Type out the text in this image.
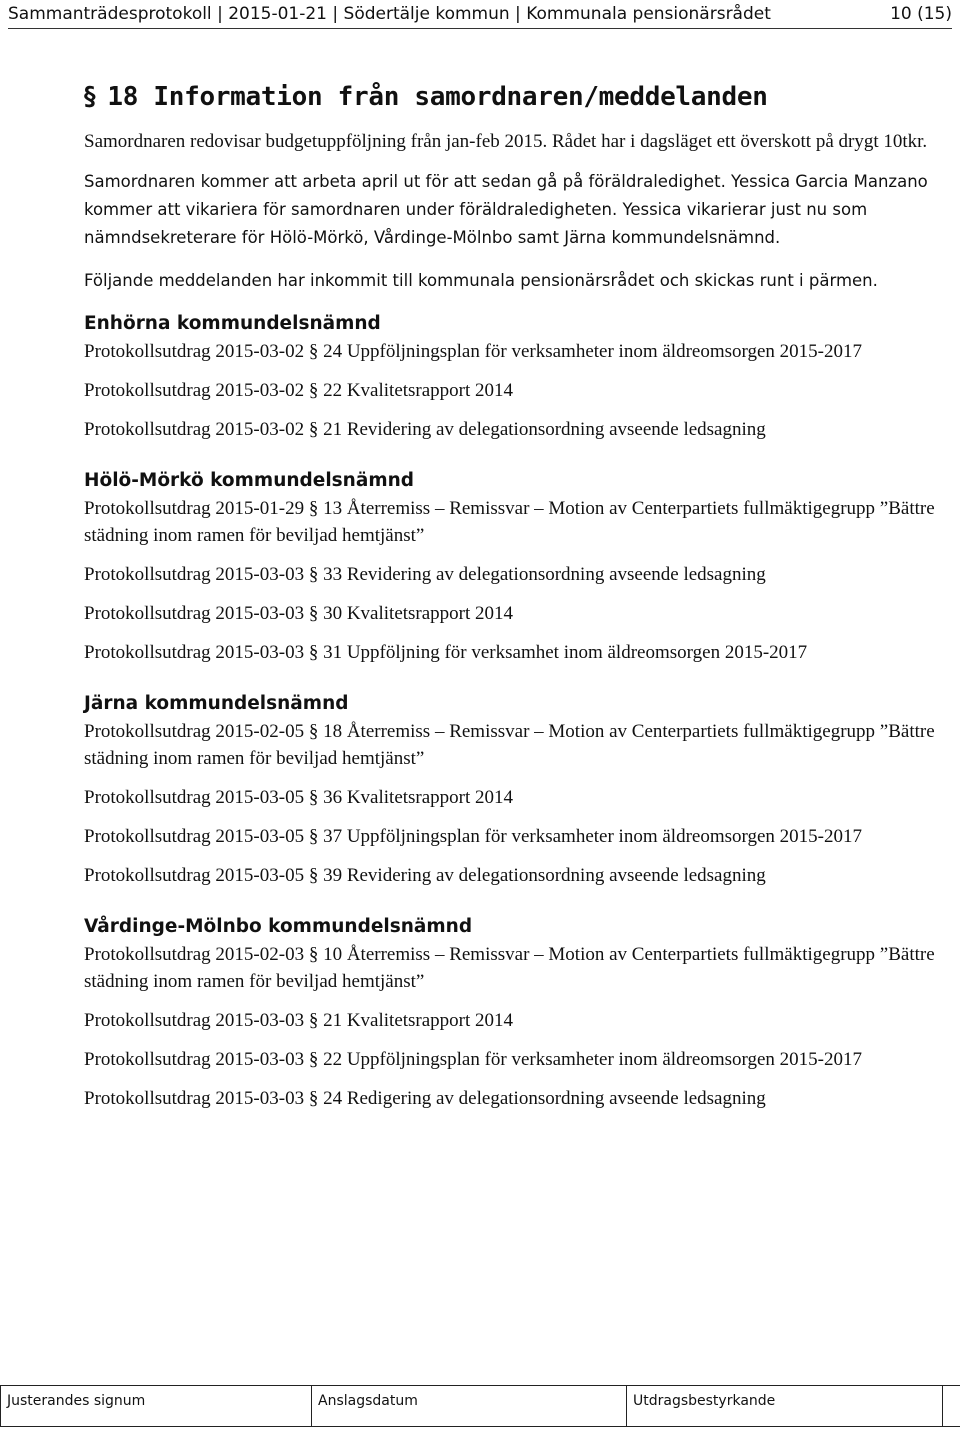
Sammanträdesprotokoll | 2015-01-21 | Södertälje kommun | Kommunala pensionärsrådet	10 (15)
§ 18 Information från samordnaren/meddelanden

Samordnaren redovisar budgetuppföljning från jan-feb 2015. Rådet har i dagsläget ett överskott på drygt 10tkr.

Samordnaren kommer att arbeta april ut för att sedan gå på föräldraledighet. Yessica Garcia Manzano kommer att vikariera för samordnaren under föräldraledigheten. Yessica vikarierar just nu som nämndsekreterare för Hölö-Mörkö, Vårdinge-Mölnbo samt Järna kommundelsnämnd.

Följande meddelanden har inkommit till kommunala pensionärsrådet och skickas runt i pärmen.

Enhörna kommundelsnämnd

Protokollsutdrag 2015-03-02 § 24 Uppföljningsplan för verksamheter inom äldreomsorgen 2015-2017

Protokollsutdrag 2015-03-02 § 22 Kvalitetsrapport 2014

Protokollsutdrag 2015-03-02 § 21 Revidering av delegationsordning avseende ledsagning

Hölö-Mörkö kommundelsnämnd

Protokollsutdrag 2015-01-29 § 13 Återremiss – Remissvar – Motion av Centerpartiets fullmäktigegrupp ”Bättre städning inom ramen för beviljad hemtjänst”

Protokollsutdrag 2015-03-03 § 33 Revidering av delegationsordning avseende ledsagning

Protokollsutdrag 2015-03-03 § 30 Kvalitetsrapport 2014

Protokollsutdrag 2015-03-03 § 31 Uppföljning för verksamhet inom äldreomsorgen 2015-2017

Järna kommundelsnämnd

Protokollsutdrag 2015-02-05 § 18 Återremiss – Remissvar – Motion av Centerpartiets fullmäktigegrupp ”Bättre städning inom ramen för beviljad hemtjänst”

Protokollsutdrag 2015-03-05 § 36 Kvalitetsrapport 2014

Protokollsutdrag 2015-03-05 § 37 Uppföljningsplan för verksamheter inom äldreomsorgen 2015-2017

Protokollsutdrag 2015-03-05 § 39 Revidering av delegationsordning avseende ledsagning

Vårdinge-Mölnbo kommundelsnämnd

Protokollsutdrag 2015-02-03 § 10 Återremiss – Remissvar – Motion av Centerpartiets fullmäktigegrupp ”Bättre städning inom ramen för beviljad hemtjänst”

Protokollsutdrag 2015-03-03 § 21 Kvalitetsrapport 2014

Protokollsutdrag 2015-03-03 § 22 Uppföljningsplan för verksamheter inom äldreomsorgen 2015-2017

Protokollsutdrag 2015-03-03 § 24 Redigering av delegationsordning avseende ledsagning

Justerandes signum	Anslagsdatum	Utdragsbestyrkande
